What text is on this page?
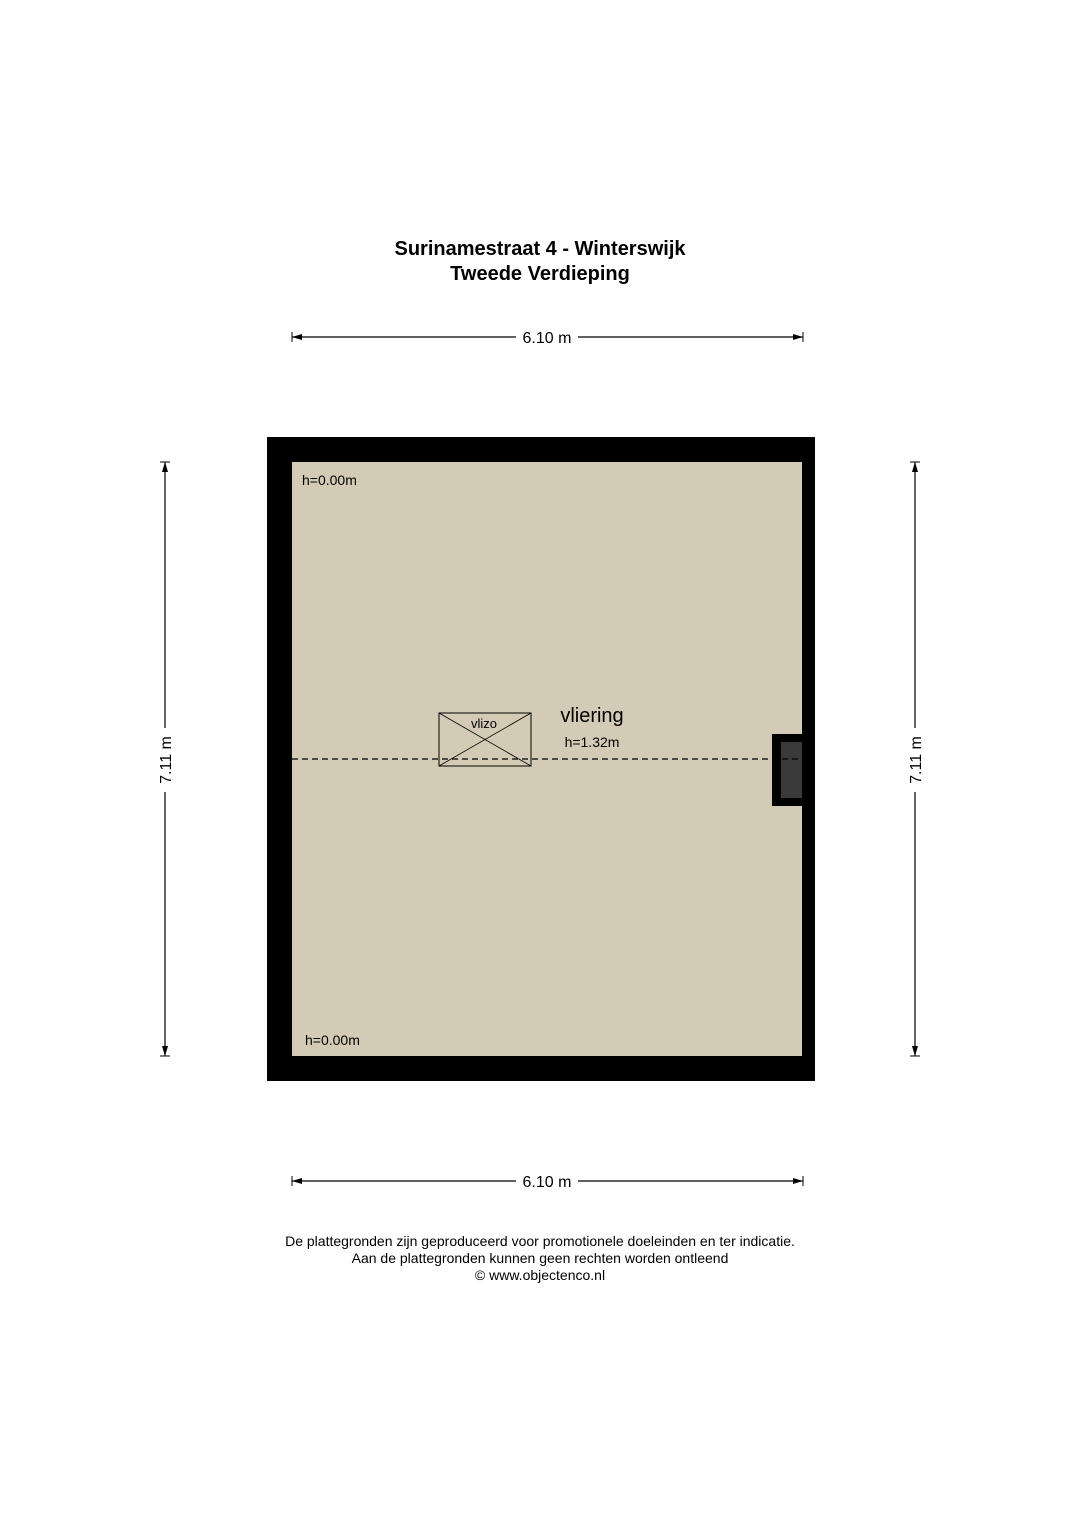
Surinamestraat 4 - Winterswijk
Tweede Verdieping
6.10 m
6.10 m
7.11 m	7.11 m
vlizo	vliering
h=1.32m
h=0.00m
h=0.00m
De plattegronden zijn geproduceerd voor promotionele doeleinden en ter indicatie.
Aan de plattegronden kunnen geen rechten worden ontleend
© www.objectenco.nl
